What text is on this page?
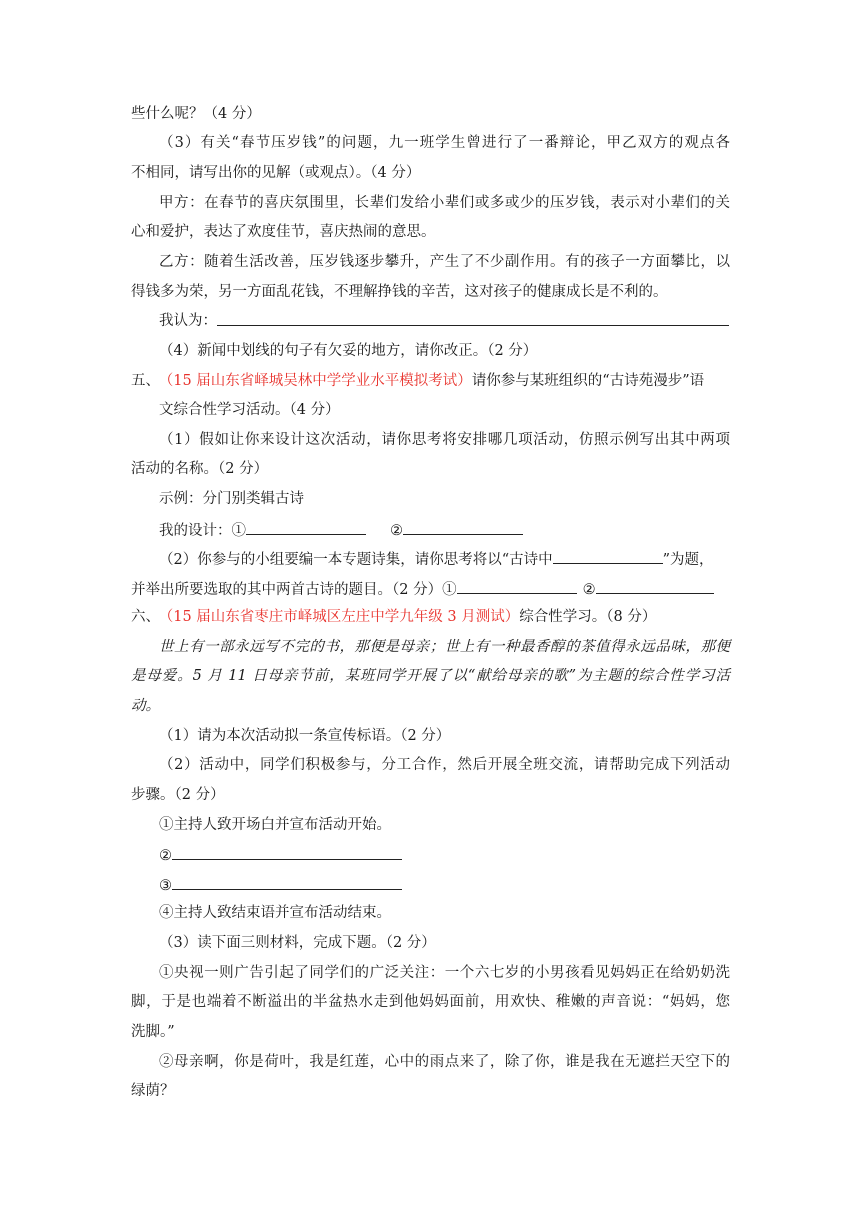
些什么呢？（4 分）
（3）有关“春节压岁钱”的问题，九一班学生曾进行了一番辩论，甲乙双方的观点各
不相同，请写出你的见解（或观点）。（4 分）
甲方：在春节的喜庆氛围里，长辈们发给小辈们或多或少的压岁钱，表示对小辈们的关
心和爱护，表达了欢度佳节，喜庆热闹的意思。
乙方：随着生活改善，压岁钱逐步攀升，产生了不少副作用。有的孩子一方面攀比，以
得钱多为荣，另一方面乱花钱，不理解挣钱的辛苦，这对孩子的健康成长是不利的。
我认为：
（4）新闻中划线的句子有欠妥的地方，请你改正。（2 分）
五、 （15 届山东省峄城吴林中学学业水平模拟考试）请你参与某班组织的“古诗苑漫步”语
文综合性学习活动。（4 分）
（1）假如让你来设计这次活动，请你思考将安排哪几项活动，仿照示例写出其中两项
活动的名称。（2 分）
示例：分门别类辑古诗
我的设计：①	②
（2）你参与的小组要编一本专题诗集，请你思考将以“古诗中	”为题，
并举出所要选取的其中两首古诗的题目。（2 分）①	②
六、 （15 届山东省枣庄市峄城区左庄中学九年级 3 月测试）综合性学习。（8 分）
世上有一部永远写不完的书，那便是母亲；世上有一种最香醇的茶值得永远品味，那便
是母爱。5 月 11 日母亲节前，某班同学开展了以“献给母亲的歌”为主题的综合性学习活
动。
（1）请为本次活动拟一条宣传标语。（2 分）
（2）活动中，同学们积极参与，分工合作，然后开展全班交流，请帮助完成下列活动
步骤。（2 分）
①主持人致开场白并宣布活动开始。
②
③
④主持人致结束语并宣布活动结束。
（3）读下面三则材料，完成下题。（2 分）
①央视一则广告引起了同学们的广泛关注：一个六七岁的小男孩看见妈妈正在给奶奶洗
脚，于是也端着不断溢出的半盆热水走到他妈妈面前，用欢快、稚嫩的声音说：“妈妈，您
洗脚。”
②母亲啊，你是荷叶，我是红莲，心中的雨点来了，除了你，谁是我在无遮拦天空下的
绿荫？
